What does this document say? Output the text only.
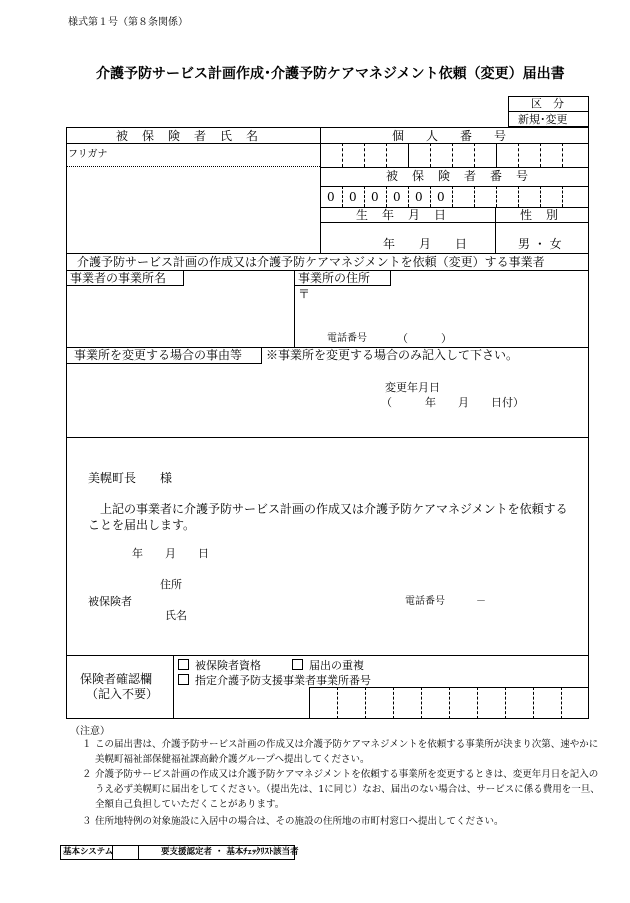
様式第１号（第８条関係）
介護予防サービス計画作成･介護予防ケアマネジメント依頼（変更）届出書
区　分
新規･変更
被保険者氏名	個人番号
フリガナ
被保険者番号
0 0 0 0 0 0
生年月日	性別
年　　月　　日	男 ・ 女
介護予防サービス計画の作成又は介護予防ケアマネジメントを依頼（変更）する事業者
事業者の事業所名	事業所の住所
〒
電話番号	（　　　）
事業所を変更する場合の事由等 ※事業所を変更する場合のみ記入して下さい。
変更年月日
（　　　年　　月　　日付）
美幌町長　　様
上記の事業者に介護予防サービス計画の作成又は介護予防ケアマネジメントを依頼することを届出します。
年　　月　　日
住所
被保険者
氏名
電話番号	－
保険者確認欄
（記入不要）
被保険者資格	届出の重複
指定介護予防支援事業者事業所番号
（注意）
１ この届出書は、介護予防サービス計画の作成又は介護予防ケアマネジメントを依頼する事業所が決まり次第、速やかに美幌町福祉部保健福祉課高齢介護グループへ提出してください。
２ 介護予防サービス計画の作成又は介護予防ケアマネジメントを依頼する事業所を変更するときは、変更年月日を記入のうえ必ず美幌町に届出をしてください。（提出先は、1に同じ）なお、届出のない場合は、サービスに係る費用を一旦、全額自己負担していただくことがあります。
３ 住所地特例の対象施設に入居中の場合は、その施設の住所地の市町村窓口へ提出してください。
基本システム	要支援認定者 ・ 基本ﾁｪｯｸﾘｽﾄ該当者
